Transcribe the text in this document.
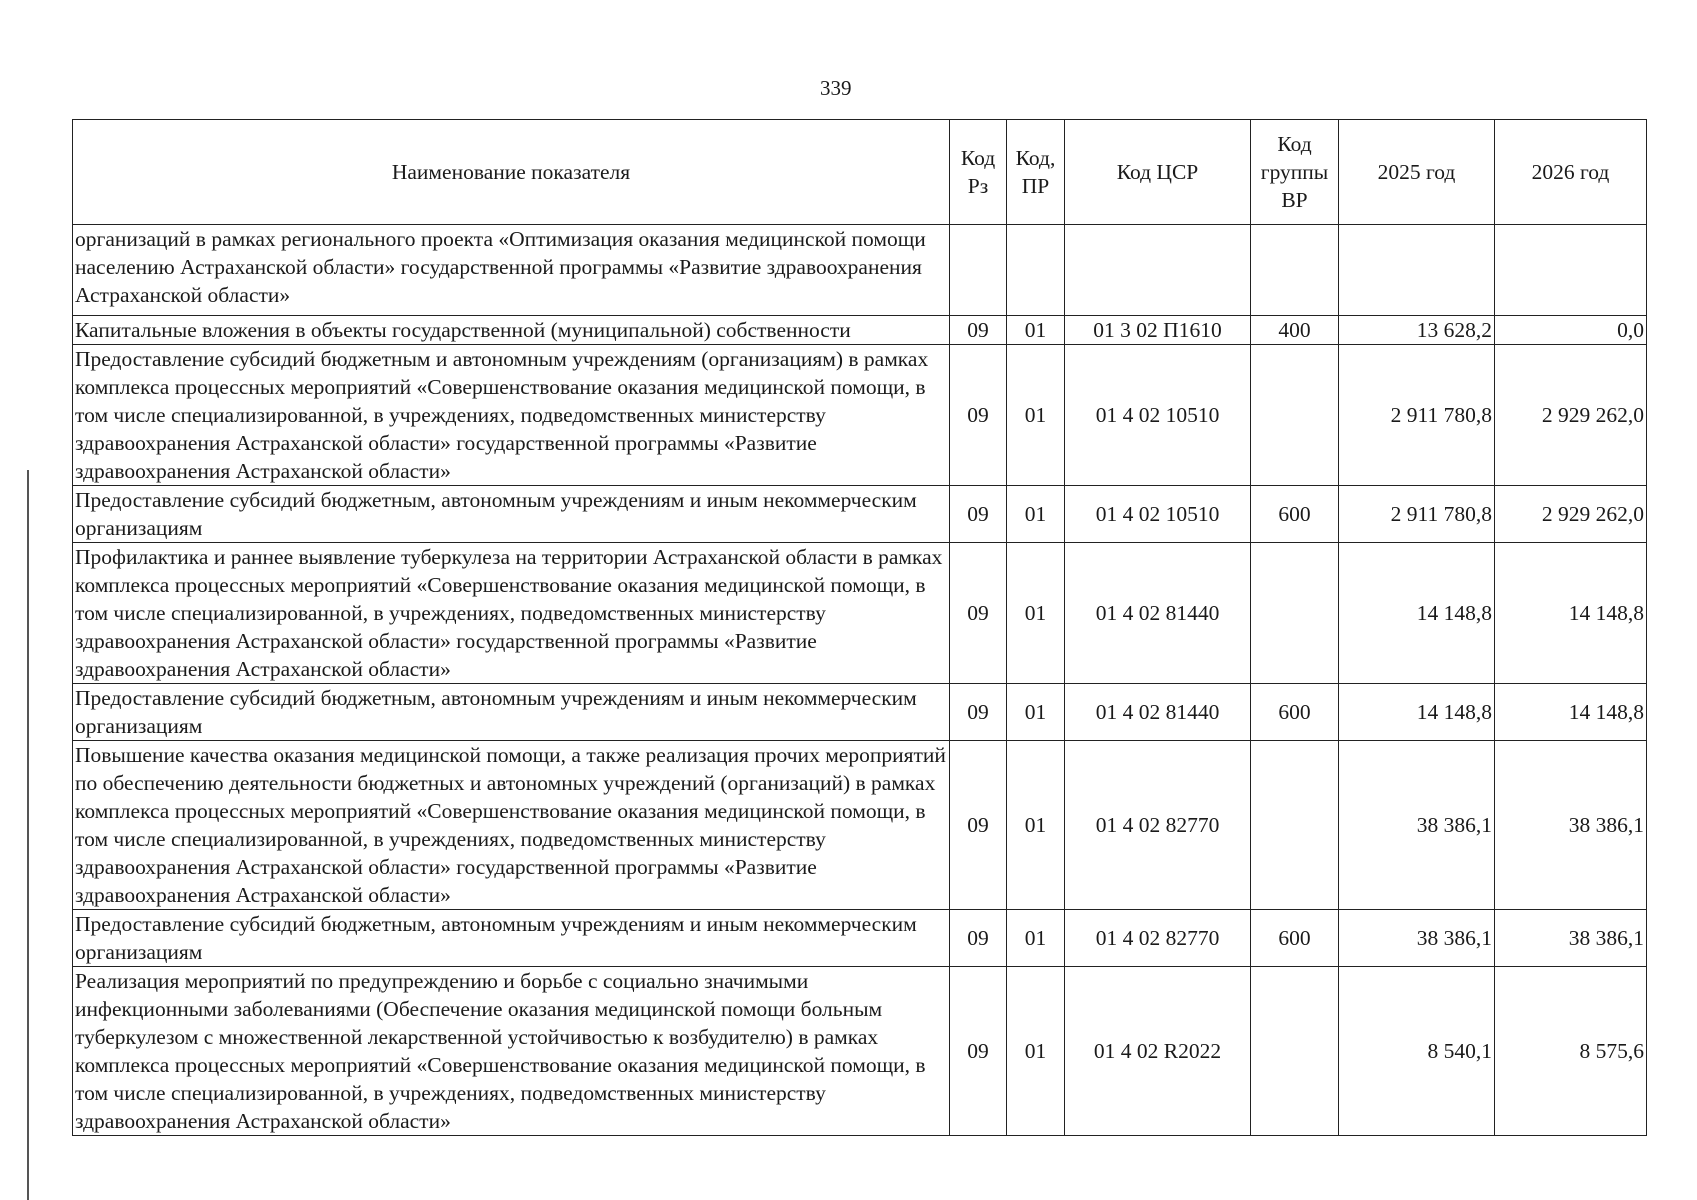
339
Наименование показателя	Код Рз	Код, ПР	Код ЦСР	Код группы ВР	2025 год	2026 год
организаций в рамках регионального проекта «Оптимизация оказания медицинской помощи населению Астраханской области» государственной программы «Развитие здравоохранения Астраханской области»						
Капитальные вложения в объекты государственной (муниципальной) собственности	09	01	01 3 02 П1610	400	13 628,2	0,0
Предоставление субсидий бюджетным и автономным учреждениям (организациям) в рамках комплекса процессных мероприятий «Совершенствование оказания медицинской помощи, в том числе специализированной, в учреждениях, подведомственных министерству здравоохранения Астраханской области» государственной программы «Развитие здравоохранения Астраханской области»	09	01	01 4 02 10510		2 911 780,8	2 929 262,0
Предоставление субсидий бюджетным, автономным учреждениям и иным некоммерческим организациям	09	01	01 4 02 10510	600	2 911 780,8	2 929 262,0
Профилактика и раннее выявление туберкулеза на территории Астраханской области в рамках комплекса процессных мероприятий «Совершенствование оказания медицинской помощи, в том числе специализированной, в учреждениях, подведомственных министерству здравоохранения Астраханской области» государственной программы «Развитие здравоохранения Астраханской области»	09	01	01 4 02 81440		14 148,8	14 148,8
Предоставление субсидий бюджетным, автономным учреждениям и иным некоммерческим организациям	09	01	01 4 02 81440	600	14 148,8	14 148,8
Повышение качества оказания медицинской помощи, а также реализация прочих мероприятий по обеспечению деятельности бюджетных и автономных учреждений (организаций) в рамках комплекса процессных мероприятий «Совершенствование оказания медицинской помощи, в том числе специализированной, в учреждениях, подведомственных министерству здравоохранения Астраханской области» государственной программы «Развитие здравоохранения Астраханской области»	09	01	01 4 02 82770		38 386,1	38 386,1
Предоставление субсидий бюджетным, автономным учреждениям и иным некоммерческим организациям	09	01	01 4 02 82770	600	38 386,1	38 386,1
Реализация мероприятий по предупреждению и борьбе с социально значимыми инфекционными заболеваниями (Обеспечение оказания медицинской помощи больным туберкулезом с множественной лекарственной устойчивостью к возбудителю) в рамках комплекса процессных мероприятий «Совершенствование оказания медицинской помощи, в том числе специализированной, в учреждениях, подведомственных министерству здравоохранения Астраханской области»	09	01	01 4 02 R2022		8 540,1	8 575,6
